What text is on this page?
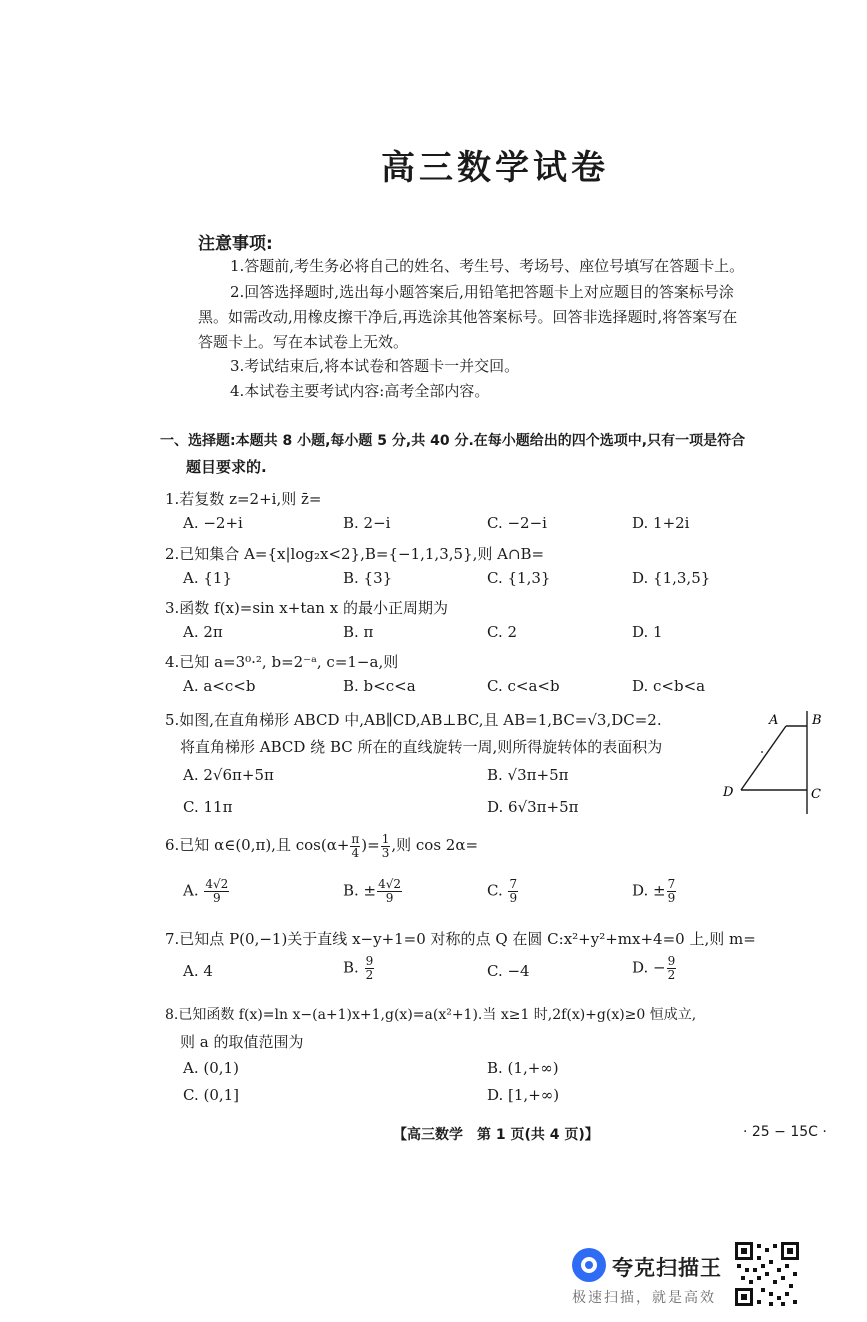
高三数学试卷
注意事项:
1.答题前,考生务必将自己的姓名、考生号、考场号、座位号填写在答题卡上。
2.回答选择题时,选出每小题答案后,用铅笔把答题卡上对应题目的答案标号涂
黑。如需改动,用橡皮擦干净后,再选涂其他答案标号。回答非选择题时,将答案写在
答题卡上。写在本试卷上无效。
3.考试结束后,将本试卷和答题卡一并交回。
4.本试卷主要考试内容:高考全部内容。
一、选择题:本题共 8 小题,每小题 5 分,共 40 分.在每小题给出的四个选项中,只有一项是符合
题目要求的.
1.若复数 z=2+i,则 z̄=
A. −2+i	B. 2−i	C. −2−i	D. 1+2i
2.已知集合 A={x|log₂x<2},B={−1,1,3,5},则 A∩B=
A. {1}	B. {3}	C. {1,3}	D. {1,3,5}
3.函数 f(x)=sin x+tan x 的最小正周期为
A. 2π	B. π	C. 2	D. 1
4.已知 a=3⁰·², b=2⁻ᵃ, c=1−a,则
A. a<c<b	B. b<c<a	C. c<a<b	D. c<b<a
5.如图,在直角梯形 ABCD 中,AB∥CD,AB⊥BC,且 AB=1,BC=√3,DC=2.
将直角梯形 ABCD 绕 BC 所在的直线旋转一周,则所得旋转体的表面积为
A. 2√6π+5π	B. √3π+5π
C. 11π	D. 6√3π+5π
A	B
C
D
6.已知 α∈(0,π),且 $\cos(\alpha+ \frac{\pi}{4}$ )= $\frac{1}{3}$ ,则 cos 2α=
A. $\frac{4√2}{9}$	B. ± $\frac{4√2}{9}$	C. $\frac{7}{9}$	D. ± $\frac{7}{9}$
7.已知点 P(0,−1)关于直线 x−y+1=0 对称的点 Q 在圆 C:x²+y²+mx+4=0 上,则 m=
A. 4	B. $\frac{9}{2}$	C. −4	D. − $\frac{9}{2}$
8.已知函数 f(x)=ln x−(a+1)x+1,g(x)=a(x²+1).当 x≥1 时,2f(x)+g(x)≥0 恒成立,
则 a 的取值范围为
A. (0,1)	B. (1,+∞)
C. (0,1]	D. [1,+∞)
【高三数学　第 1 页(共 4 页)】	· 25 − 15C ·
夸克扫描王
极速扫描，就是高效
